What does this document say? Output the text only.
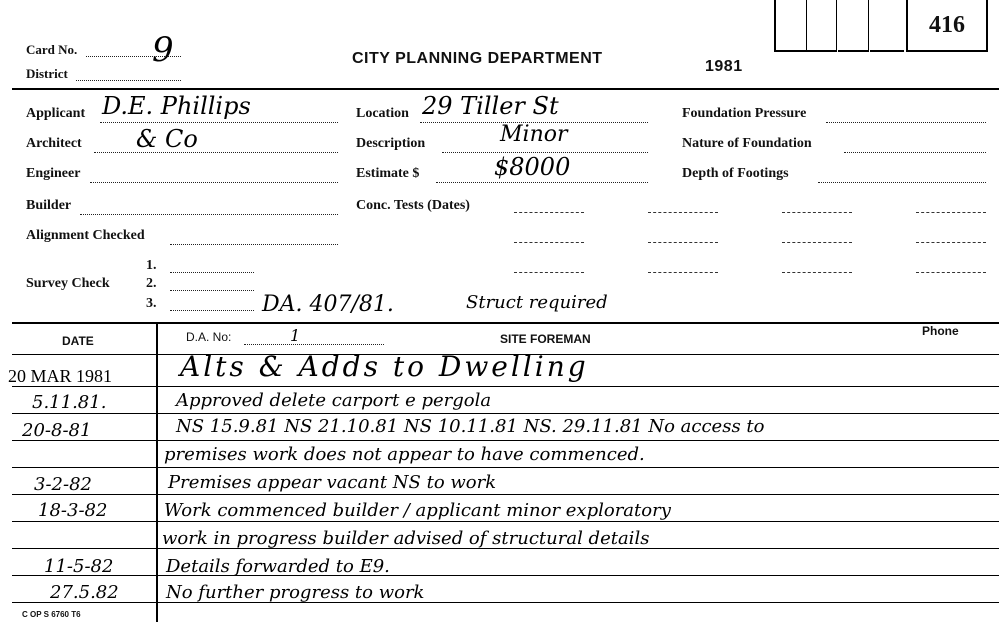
416
Card No. 9
District
CITY PLANNING DEPARTMENT	1981
Applicant D.E. Phillips
Architect & Co
Engineer
Builder
Alignment Checked
Survey Check
1.
2.
3.	DA. 407/81.	Struct required
Location 29 Tiller St
Description	Minor
Estimate $	$8000
Conc. Tests (Dates)
Foundation Pressure
Nature of Foundation
Depth of Footings
DATE	D.A. No:	1	SITE FOREMAN
Phone
20 MAR 1981 Alts & Adds to Dwelling
5.11.81.	Approved delete carport e pergola
20-8-81	NS 15.9.81 NS 21.10.81 NS 10.11.81 NS. 29.11.81 No access to
premises work does not appear to have commenced.
3-2-82	Premises appear vacant NS to work
18-3-82	Work commenced builder / applicant minor exploratory
work in progress builder advised of structural details
11-5-82	Details forwarded to E9.
27.5.82	No further progress to work
C OP S 6760 T6
